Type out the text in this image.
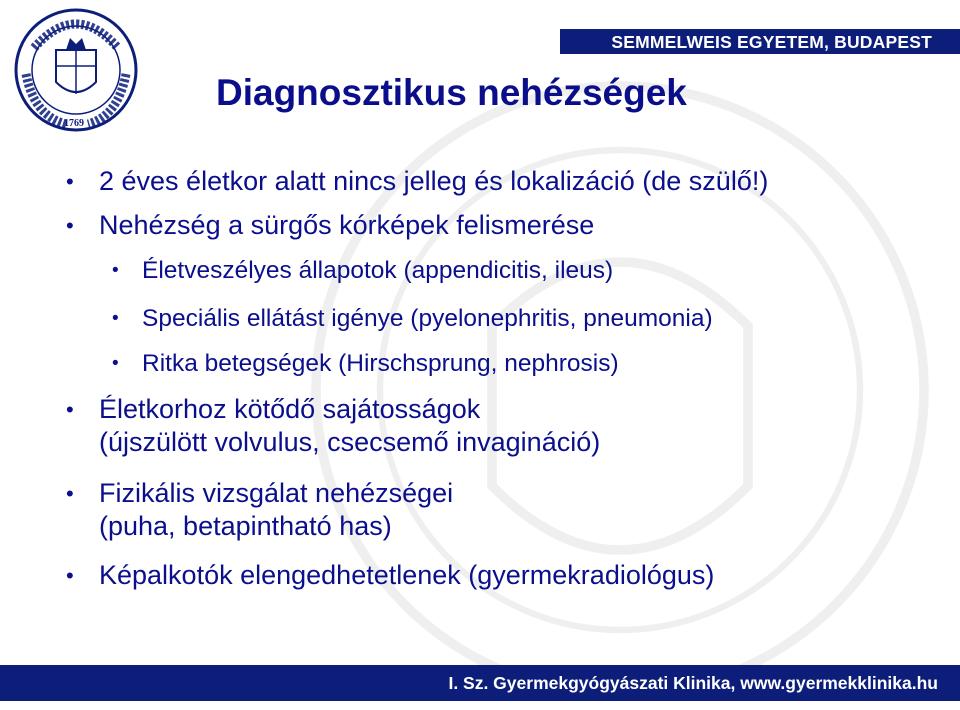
SEMMELWEIS EGYETEM, BUDAPEST
1769
Diagnosztikus nehézségek
• 2 éves életkor alatt nincs jelleg és lokalizáció (de szülő!)
• Nehézség a sürgős kórképek felismerése
• Életveszélyes állapotok (appendicitis, ileus)
• Speciális ellátást igénye (pyelonephritis, pneumonia)
• Ritka betegségek (Hirschsprung, nephrosis)
• Életkorhoz kötődő sajátosságok
(újszülött volvulus, csecsemő invagináció)
• Fizikális vizsgálat nehézségei
(puha, betapintható has)
• Képalkotók elengedhetetlenek (gyermekradiológus)
I. Sz. Gyermekgyógyászati Klinika, www.gyermekklinika.hu
